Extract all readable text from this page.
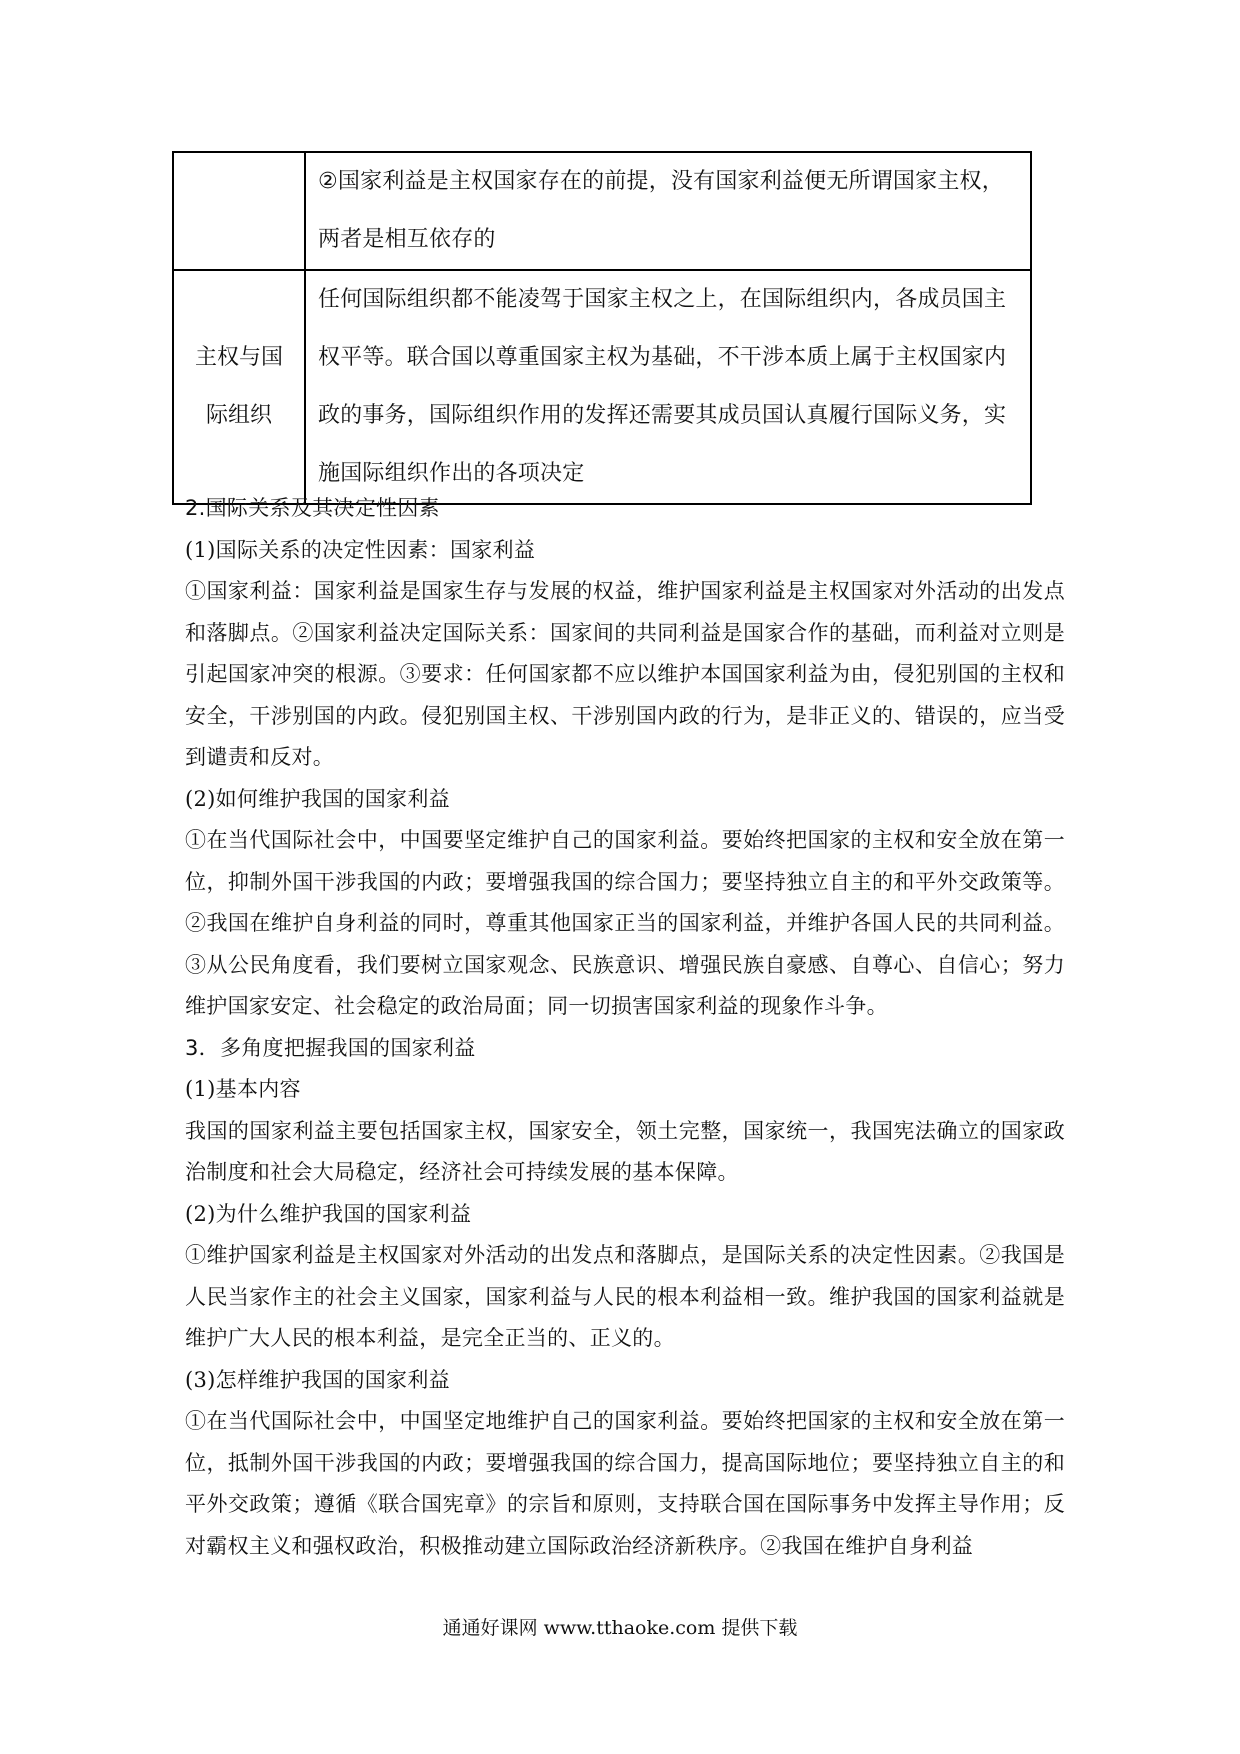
	②国家利益是主权国家存在的前提，没有国家利益便无所谓国家主权，两者是相互依存的

主权与国际组织	任何国际组织都不能凌驾于国家主权之上，在国际组织内，各成员国主权平等。联合国以尊重国家主权为基础，不干涉本质上属于主权国家内政的事务，国际组织作用的发挥还需要其成员国认真履行国际义务，实施国际组织作出的各项决定

2.国际关系及其决定性因素

(1)国际关系的决定性因素：国家利益

①国家利益：国家利益是国家生存与发展的权益，维护国家利益是主权国家对外活动的出发点和落脚点。②国家利益决定国际关系：国家间的共同利益是国家合作的基础，而利益对立则是引起国家冲突的根源。③要求：任何国家都不应以维护本国国家利益为由，侵犯别国的主权和安全，干涉别国的内政。侵犯别国主权、干涉别国内政的行为，是非正义的、错误的，应当受到谴责和反对。

(2)如何维护我国的国家利益

①在当代国际社会中，中国要坚定维护自己的国家利益。要始终把国家的主权和安全放在第一位，抑制外国干涉我国的内政；要增强我国的综合国力；要坚持独立自主的和平外交政策等。②我国在维护自身利益的同时，尊重其他国家正当的国家利益，并维护各国人民的共同利益。③从公民角度看，我们要树立国家观念、民族意识、增强民族自豪感、自尊心、自信心；努力维护国家安定、社会稳定的政治局面；同一切损害国家利益的现象作斗争。

3．多角度把握我国的国家利益

(1)基本内容

我国的国家利益主要包括国家主权，国家安全，领土完整，国家统一，我国宪法确立的国家政治制度和社会大局稳定，经济社会可持续发展的基本保障。

(2)为什么维护我国的国家利益

①维护国家利益是主权国家对外活动的出发点和落脚点，是国际关系的决定性因素。②我国是人民当家作主的社会主义国家，国家利益与人民的根本利益相一致。维护我国的国家利益就是维护广大人民的根本利益，是完全正当的、正义的。

(3)怎样维护我国的国家利益

①在当代国际社会中，中国坚定地维护自己的国家利益。要始终把国家的主权和安全放在第一位，抵制外国干涉我国的内政；要增强我国的综合国力，提高国际地位；要坚持独立自主的和平外交政策；遵循《联合国宪章》的宗旨和原则，支持联合国在国际事务中发挥主导作用；反对霸权主义和强权政治，积极推动建立国际政治经济新秩序。②我国在维护自身利益

通通好课网 www.tthaoke.com 提供下载
